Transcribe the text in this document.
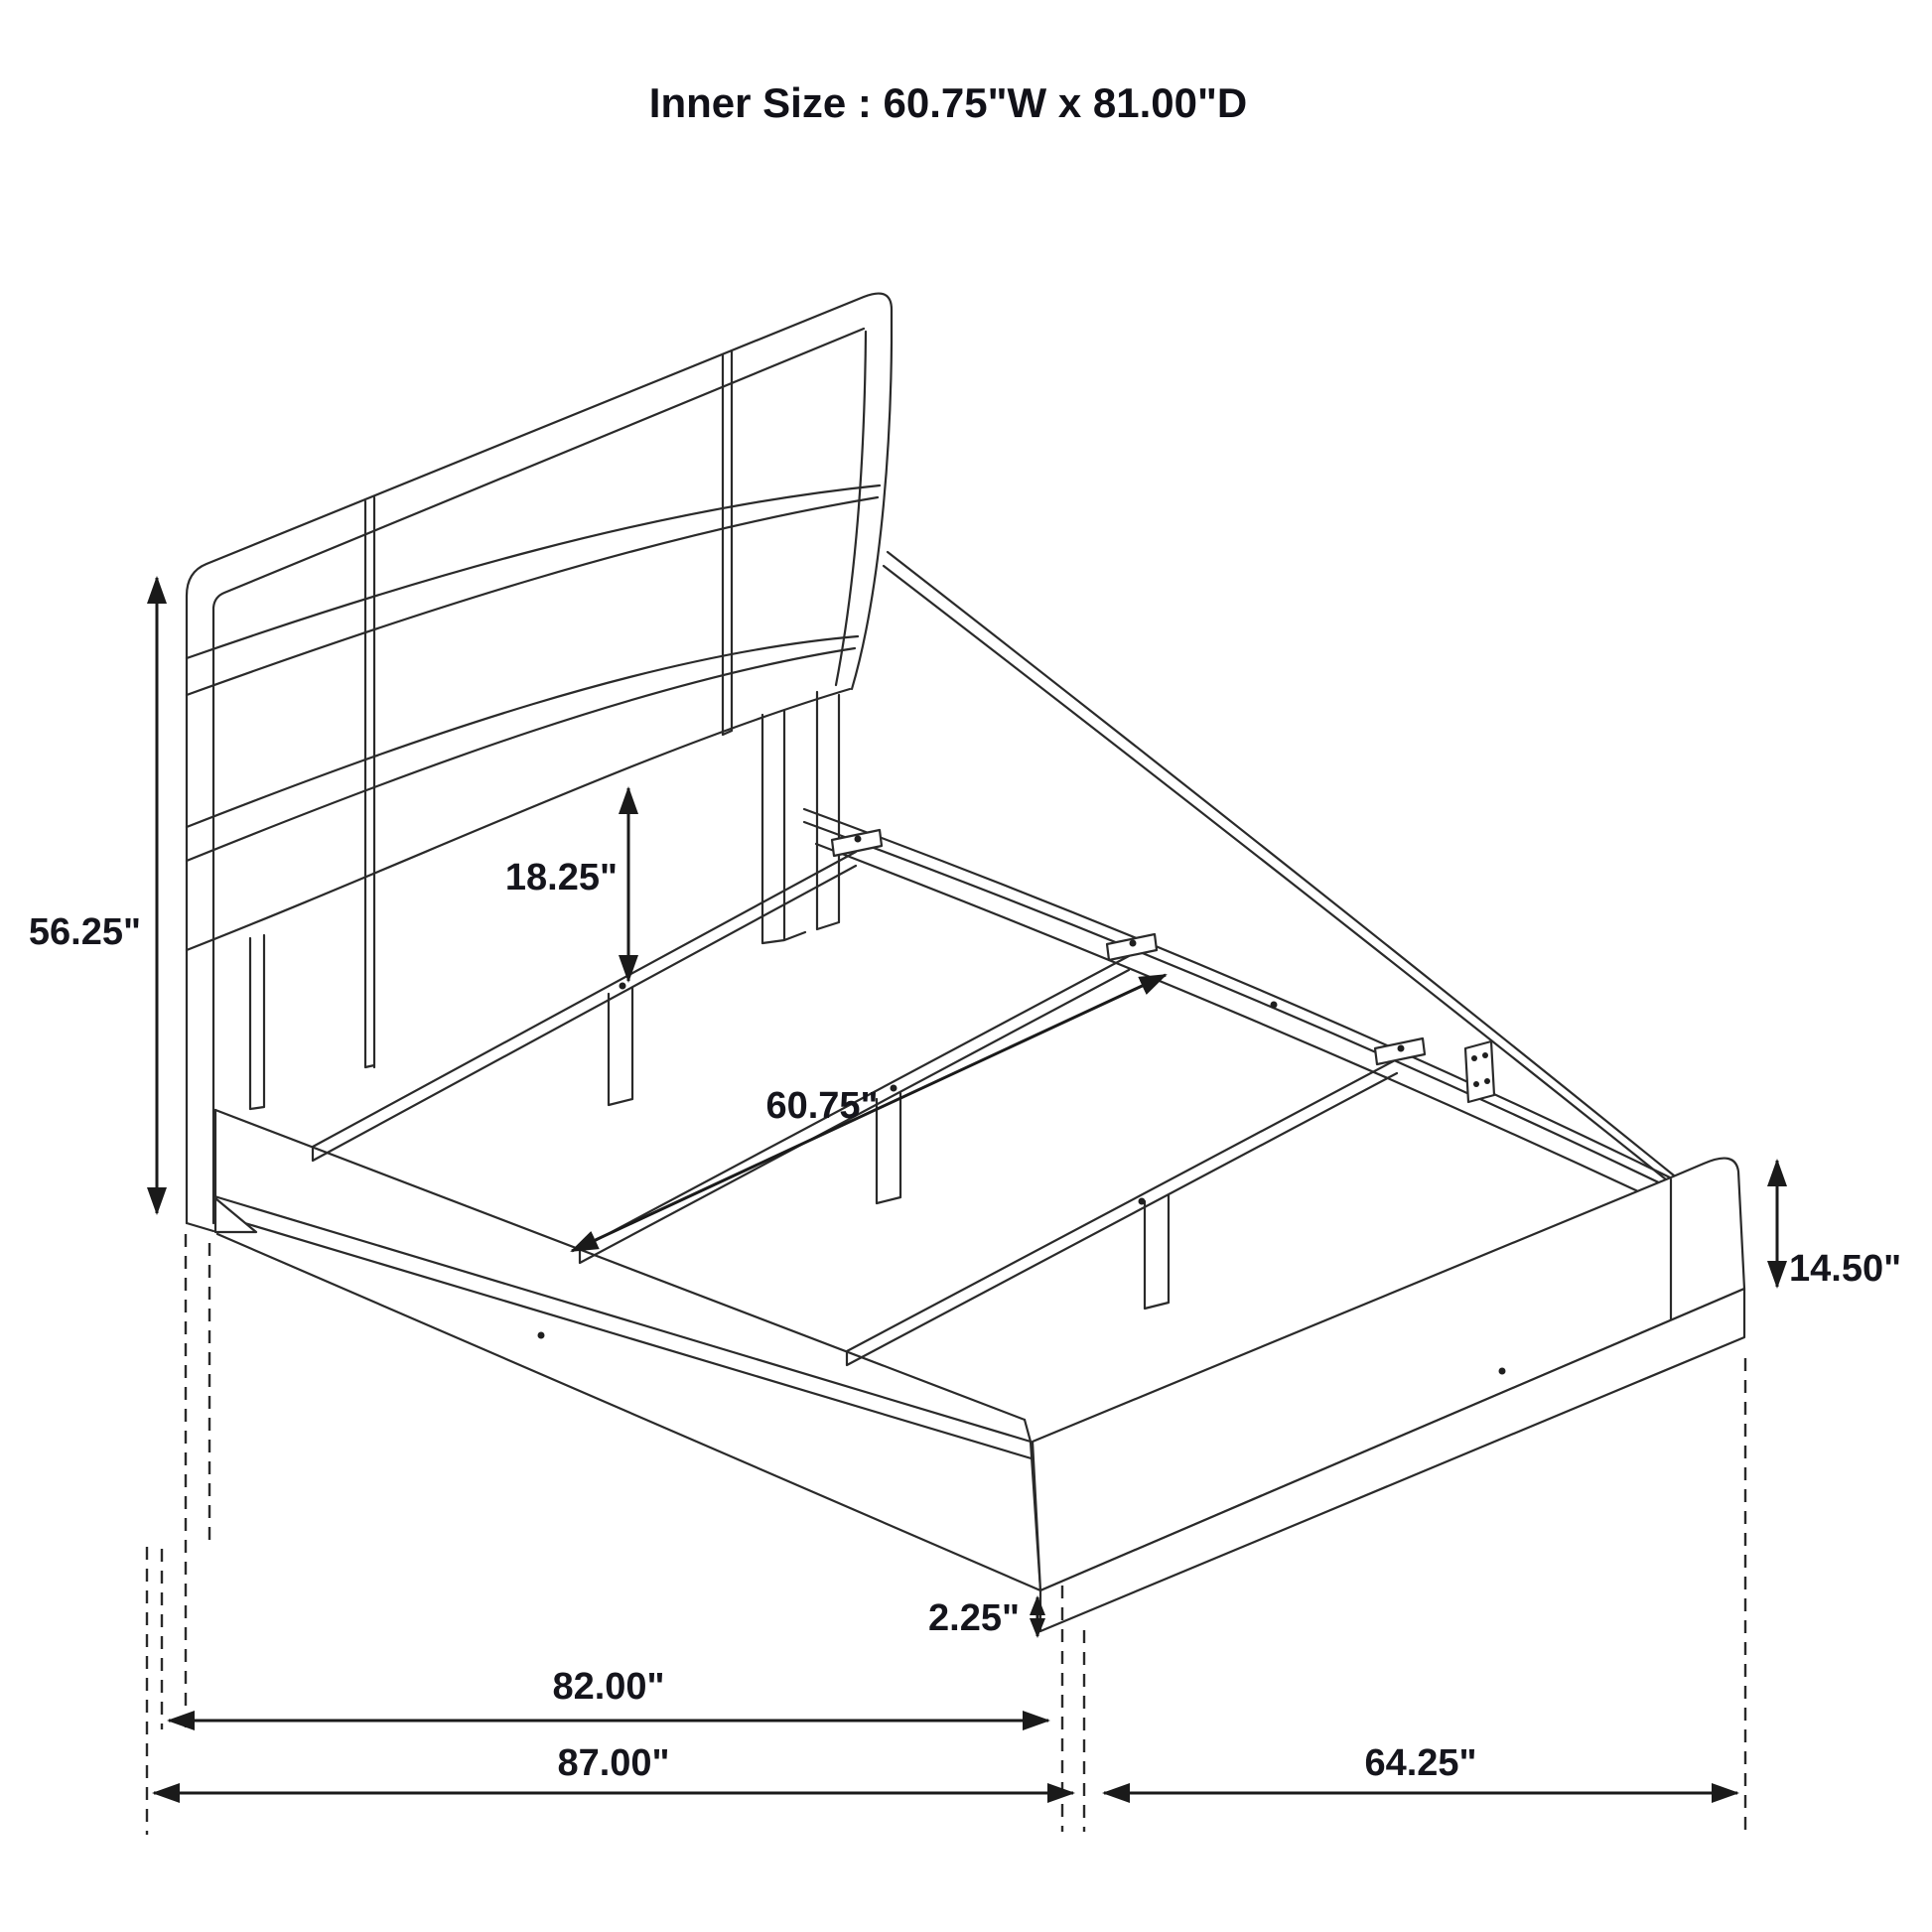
56.25"
18.25"
60.75"
14.50"
2.25"
82.00"
87.00"	64.25"
Inner Size : 60.75"W x 81.00"D
